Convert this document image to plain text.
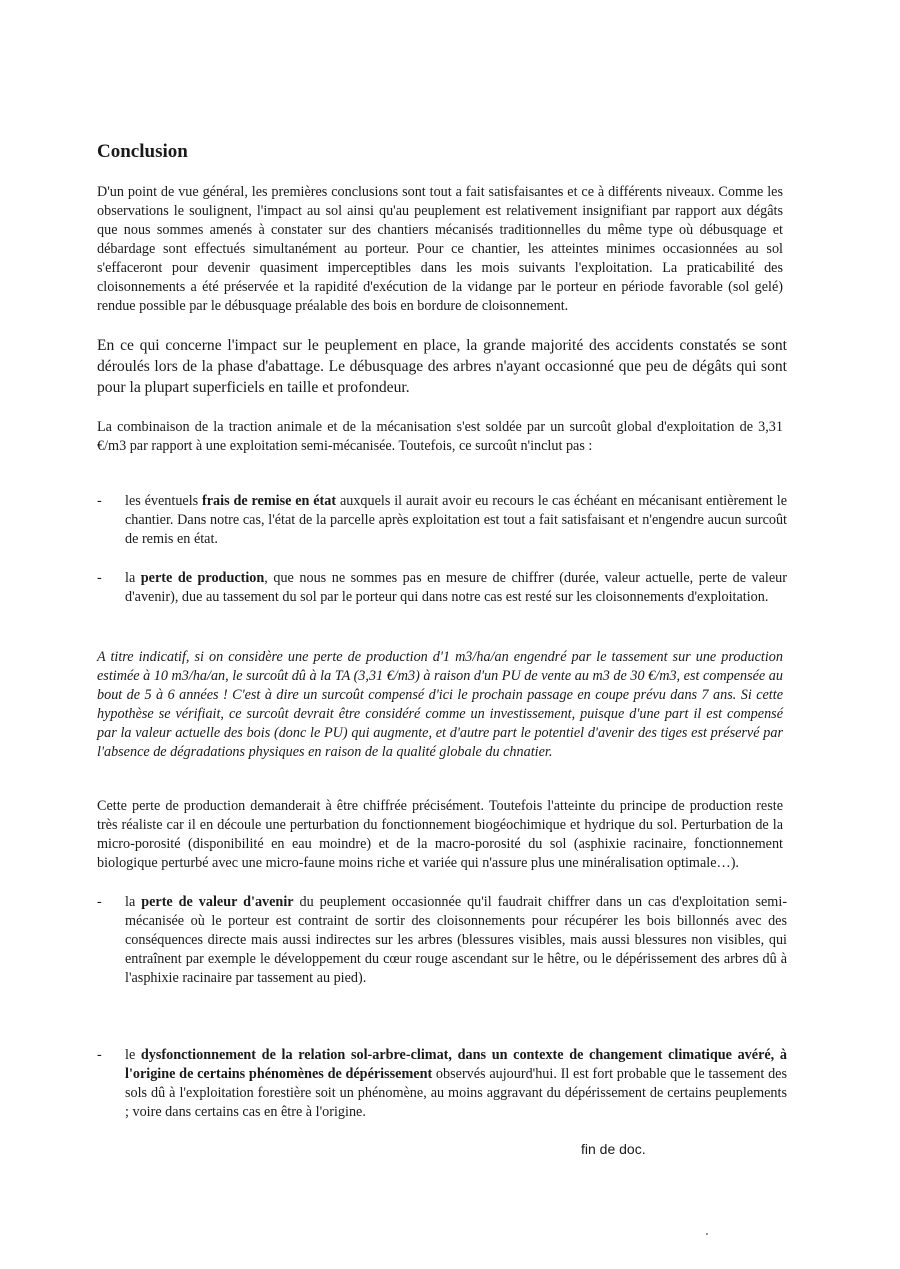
Conclusion

D'un point de vue général, les premières conclusions sont tout a fait satisfaisantes et ce à différents niveaux. Comme les observations le soulignent, l'impact au sol ainsi qu'au peuplement est relativement insignifiant par rapport aux dégâts que nous sommes amenés à constater sur des chantiers mécanisés traditionnelles du même type où débusquage et débardage sont effectués simultanément au porteur. Pour ce chantier, les atteintes minimes occasionnées au sol s'effaceront pour devenir quasiment imperceptibles dans les mois suivants l'exploitation. La praticabilité des cloisonnements a été préservée et la rapidité d'exécution de la vidange par le porteur en période favorable (sol gelé) rendue possible par le débusquage préalable des bois en bordure de cloisonnement.

En ce qui concerne l'impact sur le peuplement en place, la grande majorité des accidents constatés se sont déroulés lors de la phase d'abattage. Le débusquage des arbres n'ayant occasionné que peu de dégâts qui sont pour la plupart superficiels en taille et profondeur.

La combinaison de la traction animale et de la mécanisation s'est soldée par un surcoût global d'exploitation de 3,31 €/m3 par rapport à une exploitation semi-mécanisée. Toutefois, ce surcoût n'inclut pas :

- les éventuels frais de remise en état auxquels il aurait avoir eu recours le cas échéant en mécanisant entièrement le chantier. Dans notre cas, l'état de la parcelle après exploitation est tout a fait satisfaisant et n'engendre aucun surcoût de remis en état.

- la perte de production, que nous ne sommes pas en mesure de chiffrer (durée, valeur actuelle, perte de valeur d'avenir), due au tassement du sol par le porteur qui dans notre cas est resté sur les cloisonnements d'exploitation.

A titre indicatif, si on considère une perte de production d'1 m3/ha/an engendré par le tassement sur une production estimée à 10 m3/ha/an, le surcoût dû à la TA (3,31 €/m3) à raison d'un PU de vente au m3 de 30 €/m3, est compensée au bout de 5 à 6 années ! C'est à dire un surcoût compensé d'ici le prochain passage en coupe prévu dans 7 ans. Si cette hypothèse se vérifiait, ce surcoût devrait être considéré comme un investissement, puisque d'une part il est compensé par la valeur actuelle des bois (donc le PU) qui augmente, et d'autre part le potentiel d'avenir des tiges est préservé par l'absence de dégradations physiques en raison de la qualité globale du chnatier.

Cette perte de production demanderait à être chiffrée précisément. Toutefois l'atteinte du principe de production reste très réaliste car il en découle une perturbation du fonctionnement biogéochimique et hydrique du sol. Perturbation de la micro-porosité (disponibilité en eau moindre) et de la macro-porosité du sol (asphixie racinaire, fonctionnement biologique perturbé avec une micro-faune moins riche et variée qui n'assure plus une minéralisation optimale…).

- la perte de valeur d'avenir du peuplement occasionnée qu'il faudrait chiffrer dans un cas d'exploitation semi-mécanisée où le porteur est contraint de sortir des cloisonnements pour récupérer les bois billonnés avec des conséquences directe mais aussi indirectes sur les arbres (blessures visibles, mais aussi blessures non visibles, qui entraînent par exemple le développement du cœur rouge ascendant sur le hêtre, ou le dépérissement des arbres dû à l'asphixie racinaire par tassement au pied).

- le dysfonctionnement de la relation sol-arbre-climat, dans un contexte de changement climatique avéré, à l'origine de certains phénomènes de dépérissement observés aujourd'hui. Il est fort probable que le tassement des sols dû à l'exploitation forestière soit un phénomène, au moins aggravant du dépérissement de certains peuplements ; voire dans certains cas en être à l'origine.

fin de doc.
